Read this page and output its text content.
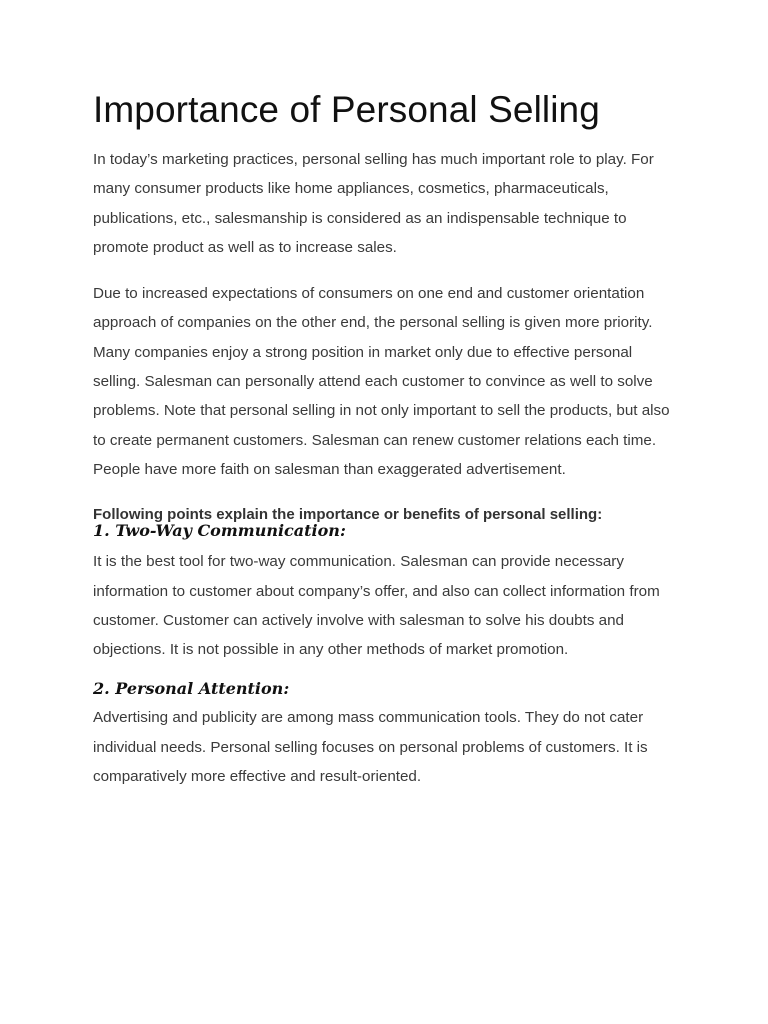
Importance of Personal Selling

In today’s marketing practices, personal selling has much important role to play. For many consumer products like home appliances, cosmetics, pharmaceuticals, publications, etc., salesmanship is considered as an indispensable technique to promote product as well as to increase sales.

Due to increased expectations of consumers on one end and customer orientation approach of companies on the other end, the personal selling is given more priority. Many companies enjoy a strong position in market only due to effective personal selling. Salesman can personally attend each customer to convince as well to solve problems. Note that personal selling in not only important to sell the products, but also to create permanent customers. Salesman can renew customer relations each time. People have more faith on salesman than exaggerated advertisement.

Following points explain the importance or benefits of personal selling:

1. Two-Way Communication:

It is the best tool for two-way communication. Salesman can provide necessary information to customer about company’s offer, and also can collect information from customer. Customer can actively involve with salesman to solve his doubts and objections. It is not possible in any other methods of market promotion.

2. Personal Attention:

Advertising and publicity are among mass communication tools. They do not cater individual needs. Personal selling focuses on personal problems of customers. It is comparatively more effective and result-oriented.
